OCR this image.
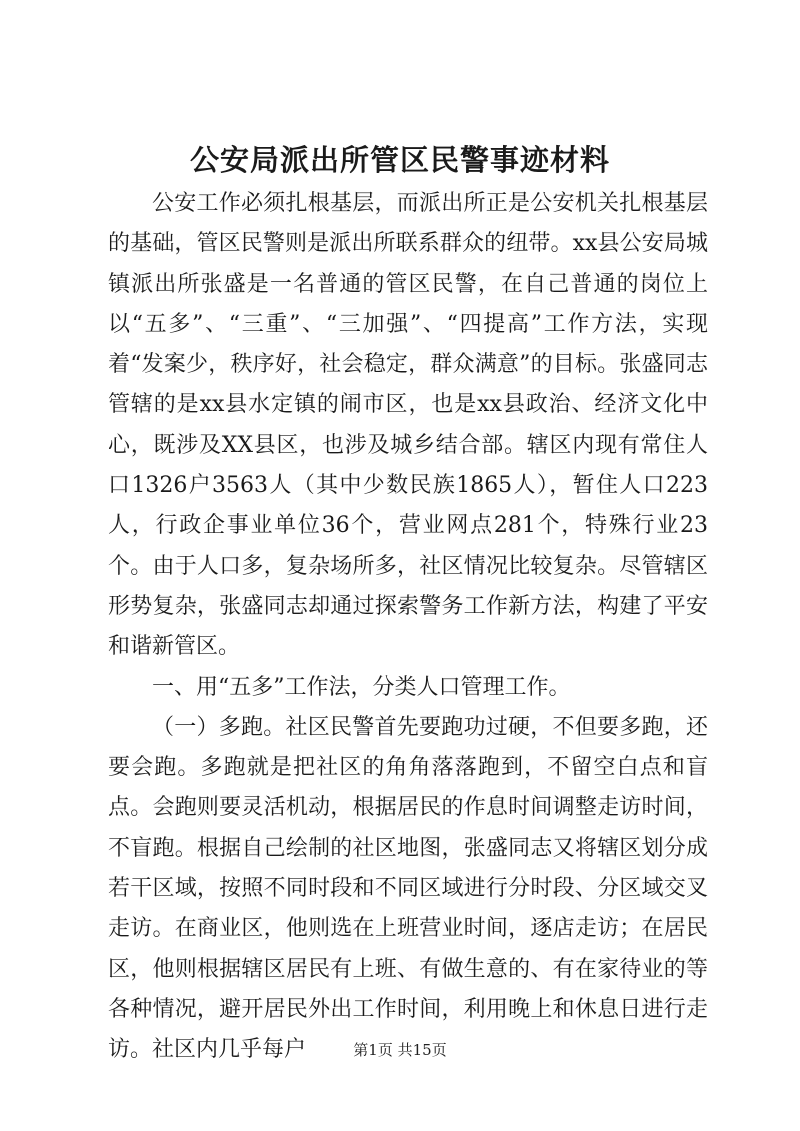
公安局派出所管区民警事迹材料

公安工作必须扎根基层，而派出所正是公安机关扎根基层的基础，管区民警则是派出所联系群众的纽带。xx县公安局城镇派出所张盛是一名普通的管区民警，在自己普通的岗位上以“五多”、“三重”、“三加强”、“四提高”工作方法，实现着“发案少，秩序好，社会稳定，群众满意”的目标。张盛同志管辖的是xx县水定镇的闹市区，也是xx县政治、经济文化中心，既涉及XX县区，也涉及城乡结合部。辖区内现有常住人口1326户3563人（其中少数民族1865人），暂住人口223人，行政企事业单位36个，营业网点281个，特殊行业23个。由于人口多，复杂场所多，社区情况比较复杂。尽管辖区形势复杂，张盛同志却通过探索警务工作新方法，构建了平安和谐新管区。

一、用“五多”工作法，分类人口管理工作。

（一）多跑。社区民警首先要跑功过硬，不但要多跑，还要会跑。多跑就是把社区的角角落落跑到，不留空白点和盲点。会跑则要灵活机动，根据居民的作息时间调整走访时间，不盲跑。根据自己绘制的社区地图，张盛同志又将辖区划分成若干区域，按照不同时段和不同区域进行分时段、分区域交叉走访。在商业区，他则选在上班营业时间，逐店走访；在居民区，他则根据辖区居民有上班、有做生意的、有在家待业的等各种情况，避开居民外出工作时间，利用晚上和休息日进行走访。社区内几乎每户	第1页 共15页
